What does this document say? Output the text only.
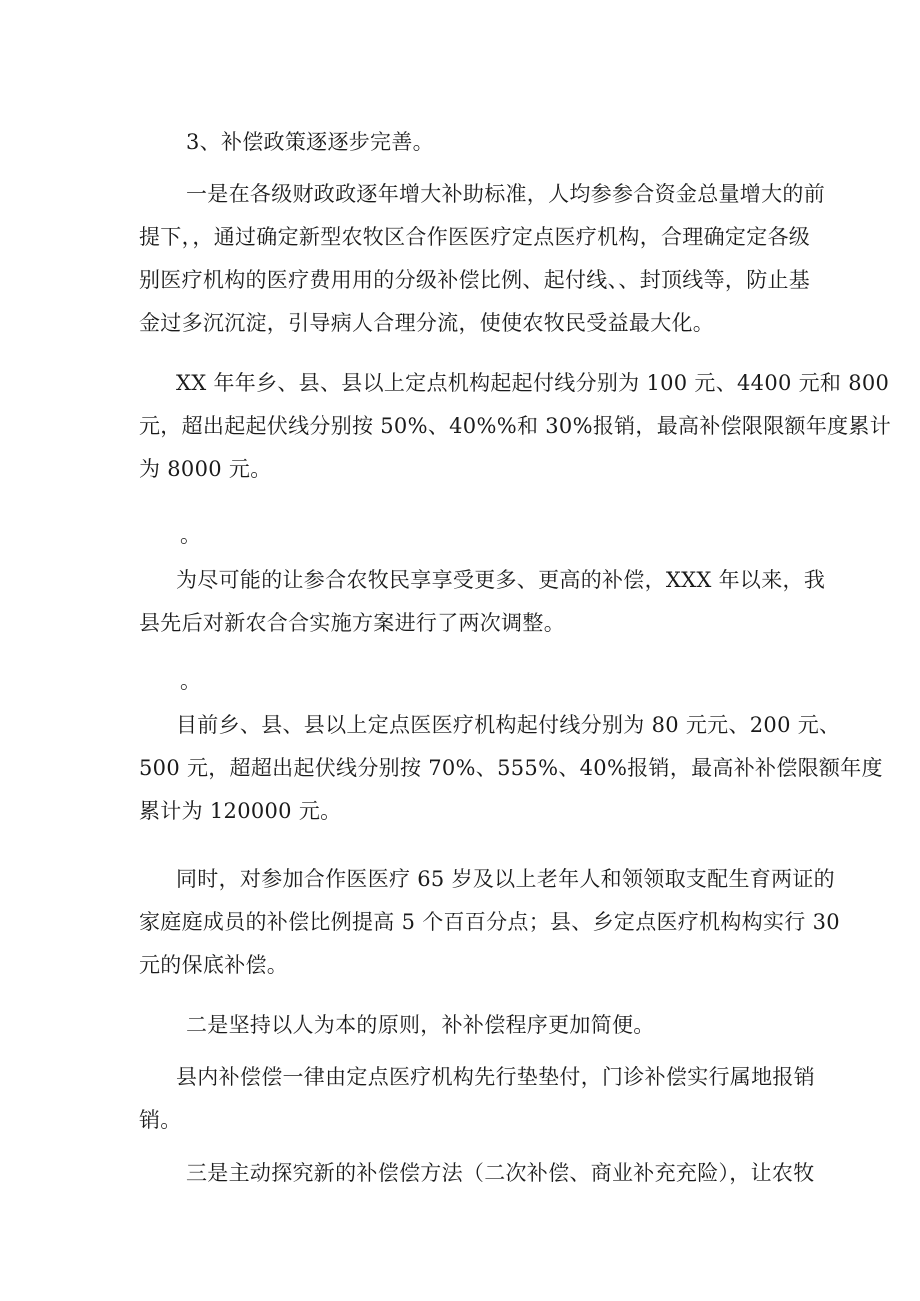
3、补偿政策逐逐步完善。
一是在各级财政政逐年增大补助标准，人均参参合资金总量增大的前
提下，，通过确定新型农牧区合作医医疗定点医疗机构，合理确定定各级
别医疗机构的医疗费用用的分级补偿比例、起付线、、封顶线等，防止基
金过多沉沉淀，引导病人合理分流，使使农牧民受益最大化。
XX 年年乡、县、县以上定点机构起起付线分别为 100 元、4400 元和 800
元，超出起起伏线分别按 50%、40%%和 30%报销，最高补偿限限额年度累计
为 8000 元。
。
为尽可能的让参合农牧民享享受更多、更高的补偿，XXX 年以来，我
县先后对新农合合实施方案进行了两次调整。
。
目前乡、县、县以上定点医医疗机构起付线分别为 80 元元、200 元、
500 元，超超出起伏线分别按 70%、555%、40%报销，最高补补偿限额年度
累计为 120000 元。
同时，对参加合作医医疗 65 岁及以上老年人和领领取支配生育两证的
家庭庭成员的补偿比例提高 5 个百百分点；县、乡定点医疗机构构实行 30
元的保底补偿。
二是坚持以人为本的原则，补补偿程序更加简便。
县内补偿偿一律由定点医疗机构先行垫垫付，门诊补偿实行属地报销
销。
三是主动探究新的补偿偿方法（二次补偿、商业补充充险），让农牧
